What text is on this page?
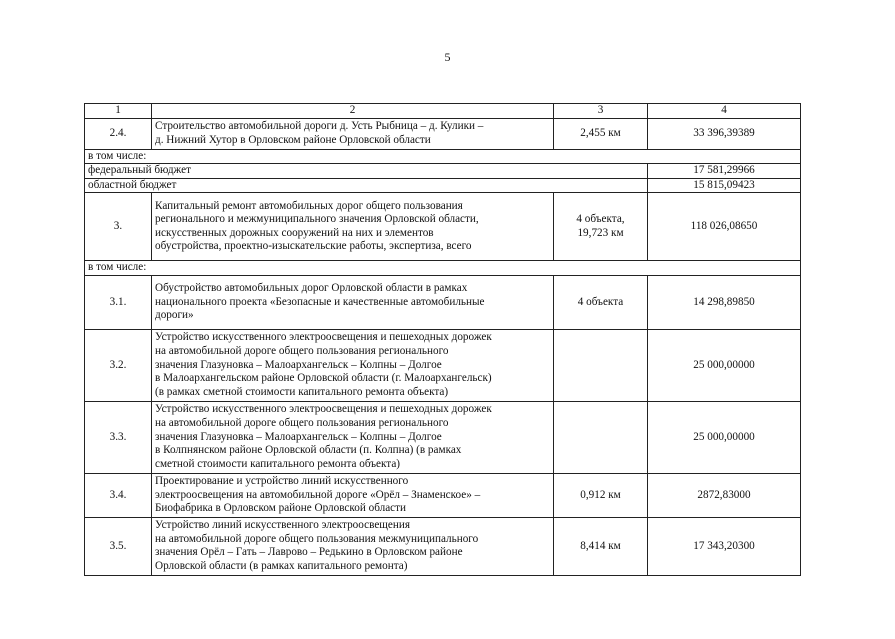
5
1	2	3	4
2.4.	Строительство автомобильной дороги д. Усть Рыбница – д. Кулики –
д. Нижний Хутор в Орловском районе Орловской области	2,455 км	33 396,39389
в том числе:			
федеральный бюджет			17 581,29966
областной бюджет			15 815,09423
3.	Капитальный ремонт автомобильных дорог общего пользования
регионального и межмуниципального значения Орловской области,
искусственных дорожных сооружений на них и элементов
обустройства, проектно-изыскательские работы, экспертиза, всего	4 объекта,
19,723 км	118 026,08650
в том числе:			
3.1.	Обустройство автомобильных дорог Орловской области в рамках
национального проекта «Безопасные и качественные автомобильные
дороги»	4 объекта	14 298,89850
3.2.	Устройство искусственного электроосвещения и пешеходных дорожек
на автомобильной дороге общего пользования регионального
значения Глазуновка – Малоархангельск – Колпны – Долгое
в Малоархангельском районе Орловской области (г. Малоархангельск)
(в рамках сметной стоимости капитального ремонта объекта)		25 000,00000
3.3.	Устройство искусственного электроосвещения и пешеходных дорожек
на автомобильной дороге общего пользования регионального
значения Глазуновка – Малоархангельск – Колпны – Долгое
в Колпнянском районе Орловской области (п. Колпна) (в рамках
сметной стоимости капитального ремонта объекта)		25 000,00000
3.4.	Проектирование и устройство линий искусственного
электроосвещения на автомобильной дороге «Орёл – Знаменское» –
Биофабрика в Орловском районе Орловской области	0,912 км	2872,83000
3.5.	Устройство линий искусственного электроосвещения
на автомобильной дороге общего пользования межмуниципального
значения Орёл – Гать – Лаврово – Редькино в Орловском районе
Орловской области (в рамках капитального ремонта)	8,414 км	17 343,20300
